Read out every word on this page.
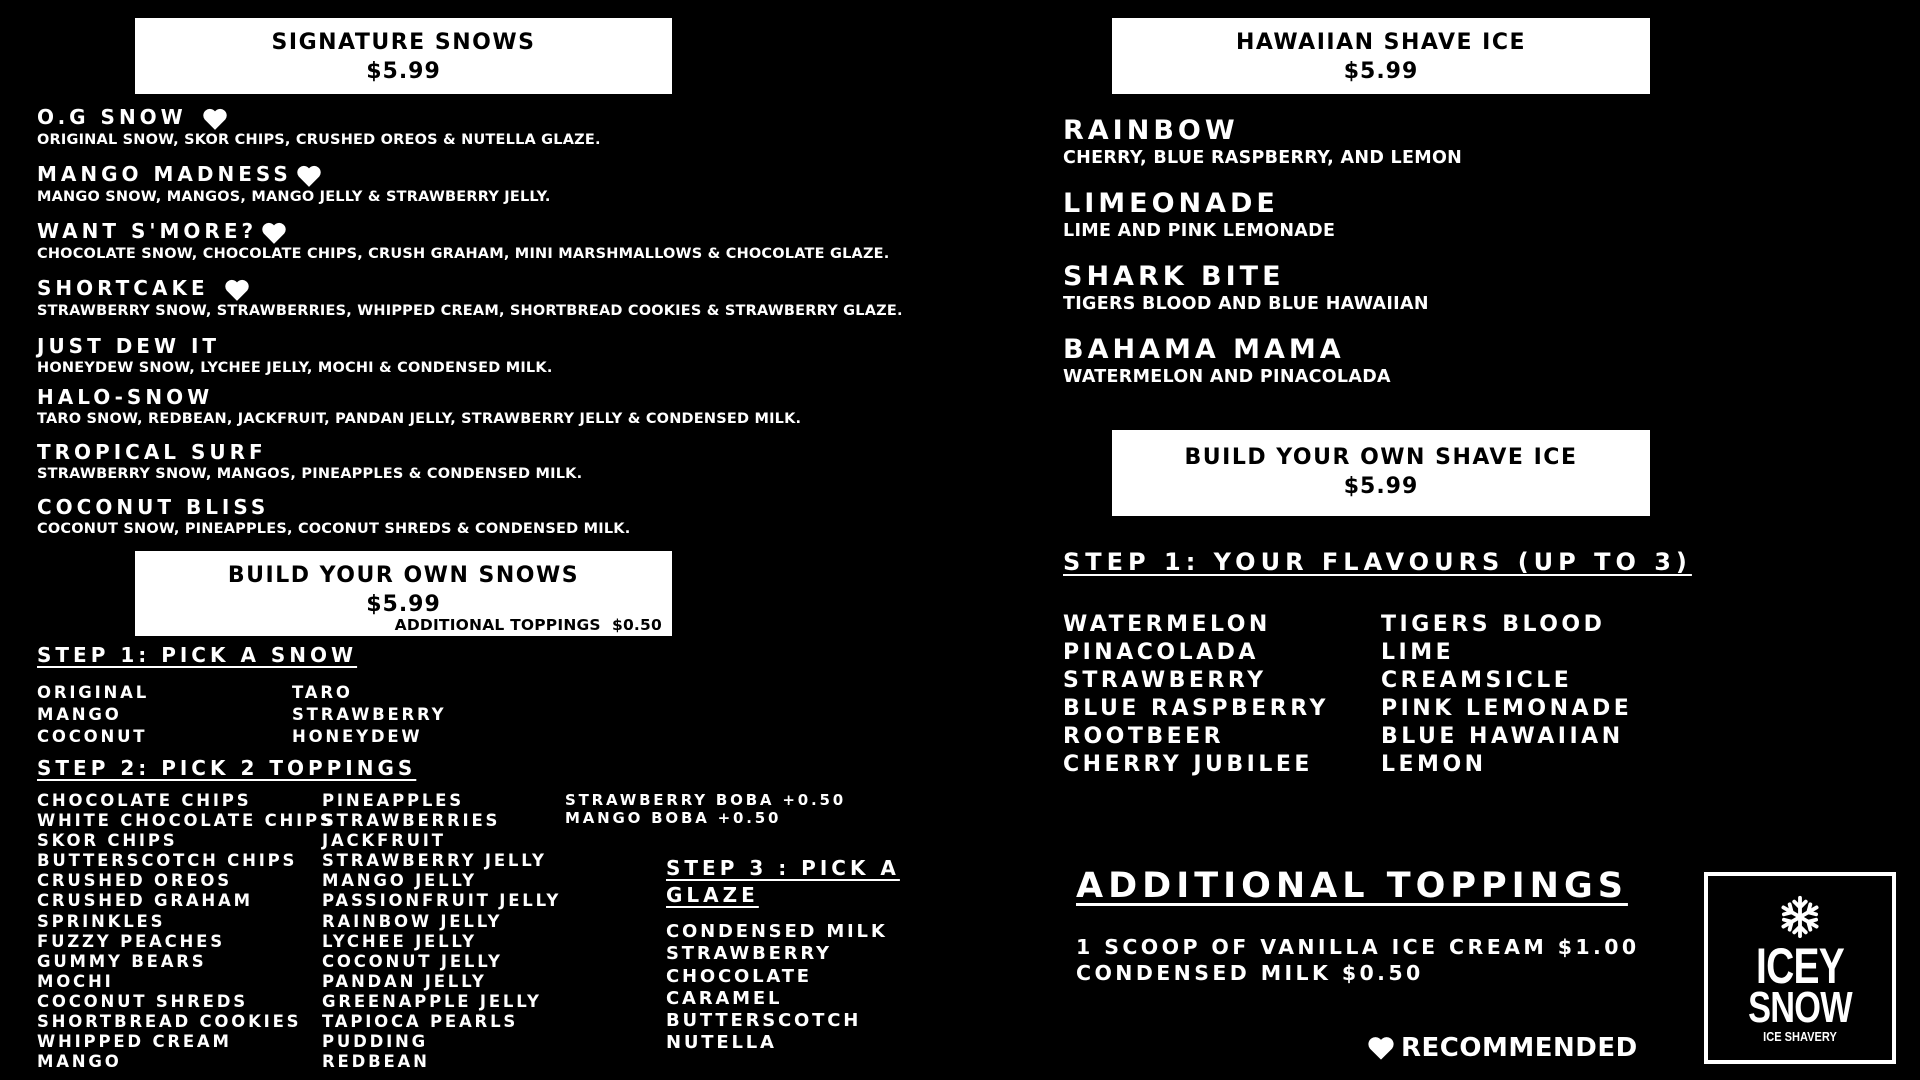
SIGNATURE SNOWS
$5.99
O.G SNOW
ORIGINAL SNOW, SKOR CHIPS, CRUSHED OREOS & NUTELLA GLAZE.
MANGO MADNESS
MANGO SNOW, MANGOS, MANGO JELLY & STRAWBERRY JELLY.
WANT S'MORE?
CHOCOLATE SNOW, CHOCOLATE CHIPS, CRUSH GRAHAM, MINI MARSHMALLOWS & CHOCOLATE GLAZE.
SHORTCAKE
STRAWBERRY SNOW, STRAWBERRIES, WHIPPED CREAM, SHORTBREAD COOKIES & STRAWBERRY GLAZE.
JUST DEW IT
HONEYDEW SNOW, LYCHEE JELLY, MOCHI & CONDENSED MILK.
HALO-SNOW
TARO SNOW, REDBEAN, JACKFRUIT, PANDAN JELLY, STRAWBERRY JELLY & CONDENSED MILK.
TROPICAL SURF
STRAWBERRY SNOW, MANGOS, PINEAPPLES & CONDENSED MILK.
COCONUT BLISS
COCONUT SNOW, PINEAPPLES, COCONUT SHREDS & CONDENSED MILK.
BUILD YOUR OWN SNOWS
$5.99
ADDITIONAL TOPPINGS  $0.50
STEP 1: PICK A SNOW
ORIGINAL
MANGO
COCONUT
TARO
STRAWBERRY
HONEYDEW
STEP 2: PICK 2 TOPPINGS
CHOCOLATE CHIPS
WHITE CHOCOLATE CHIPS
SKOR CHIPS
BUTTERSCOTCH CHIPS
CRUSHED OREOS
CRUSHED GRAHAM
SPRINKLES
FUZZY PEACHES
GUMMY BEARS
MOCHI
COCONUT SHREDS
SHORTBREAD COOKIES
WHIPPED CREAM
MANGO
PINEAPPLES
STRAWBERRIES
JACKFRUIT
STRAWBERRY JELLY
MANGO JELLY
PASSIONFRUIT JELLY
RAINBOW JELLY
LYCHEE JELLY
COCONUT JELLY
PANDAN JELLY
GREENAPPLE JELLY
TAPIOCA PEARLS
PUDDING
REDBEAN
STRAWBERRY BOBA +0.50
MANGO BOBA +0.50
STEP 3 : PICK A
GLAZE
CONDENSED MILK
STRAWBERRY
CHOCOLATE
CARAMEL
BUTTERSCOTCH
NUTELLA
HAWAIIAN SHAVE ICE
$5.99
RAINBOW
CHERRY, BLUE RASPBERRY, AND LEMON
LIMEONADE
LIME AND PINK LEMONADE
SHARK BITE
TIGERS BLOOD AND BLUE HAWAIIAN
BAHAMA MAMA
WATERMELON AND PINACOLADA
BUILD YOUR OWN SHAVE ICE
$5.99
STEP 1: YOUR FLAVOURS (UP TO 3)
WATERMELON
PINACOLADA
STRAWBERRY
BLUE RASPBERRY
ROOTBEER
CHERRY JUBILEE
TIGERS BLOOD
LIME
CREAMSICLE
PINK LEMONADE
BLUE HAWAIIAN
LEMON
ADDITIONAL TOPPINGS
1 SCOOP OF VANILLA ICE CREAM $1.00
CONDENSED MILK $0.50
RECOMMENDED
ICEY
SNOW
ICE SHAVERY
